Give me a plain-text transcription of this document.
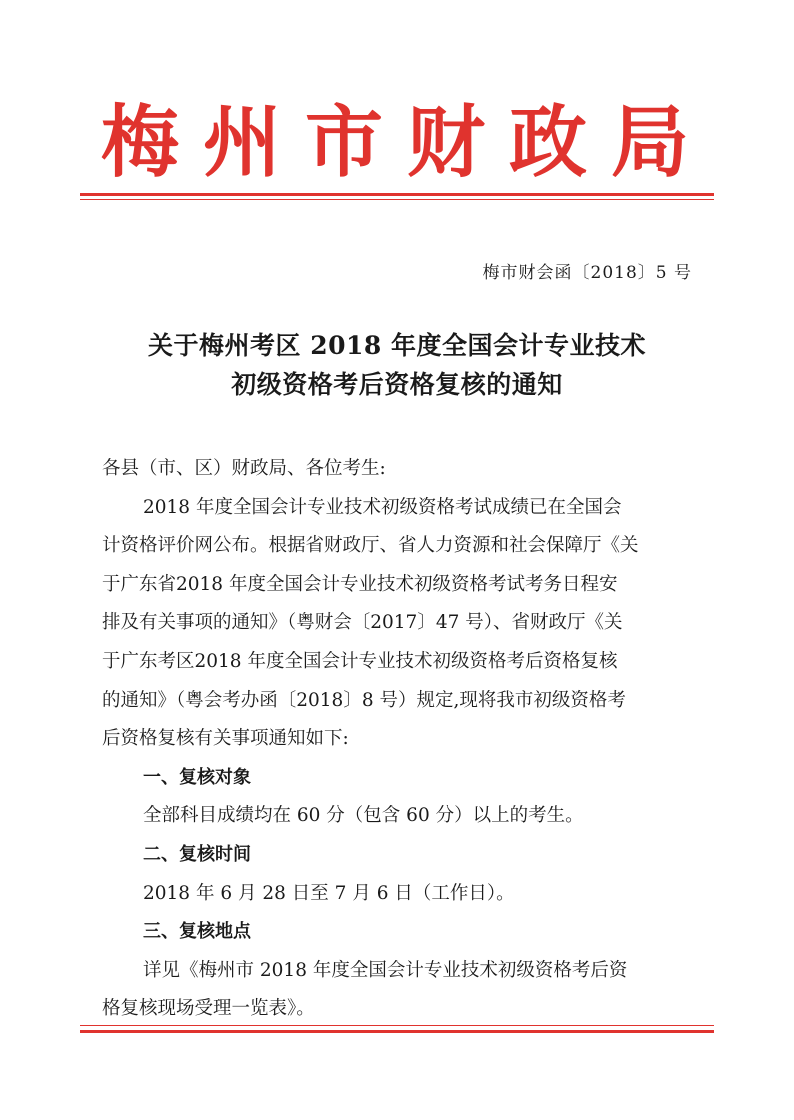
梅州市财政局
梅市财会函〔2018〕5 号
关于梅州考区 2018 年度全国会计专业技术
初级资格考后资格复核的通知
各县（市、区）财政局、各位考生:
2018 年度全国会计专业技术初级资格考试成绩已在全国会
计资格评价网公布。根据省财政厅、省人力资源和社会保障厅《关
于广东省2018 年度全国会计专业技术初级资格考试考务日程安
排及有关事项的通知》（粤财会〔2017〕47 号）、省财政厅《关
于广东考区2018 年度全国会计专业技术初级资格考后资格复核
的通知》（粤会考办函〔2018〕8 号）规定,现将我市初级资格考
后资格复核有关事项通知如下:
一、复核对象
全部科目成绩均在 60 分（包含 60 分）以上的考生。
二、复核时间
2018 年 6 月 28 日至 7 月 6 日（工作日）。
三、复核地点
详见《梅州市 2018 年度全国会计专业技术初级资格考后资
格复核现场受理一览表》。
